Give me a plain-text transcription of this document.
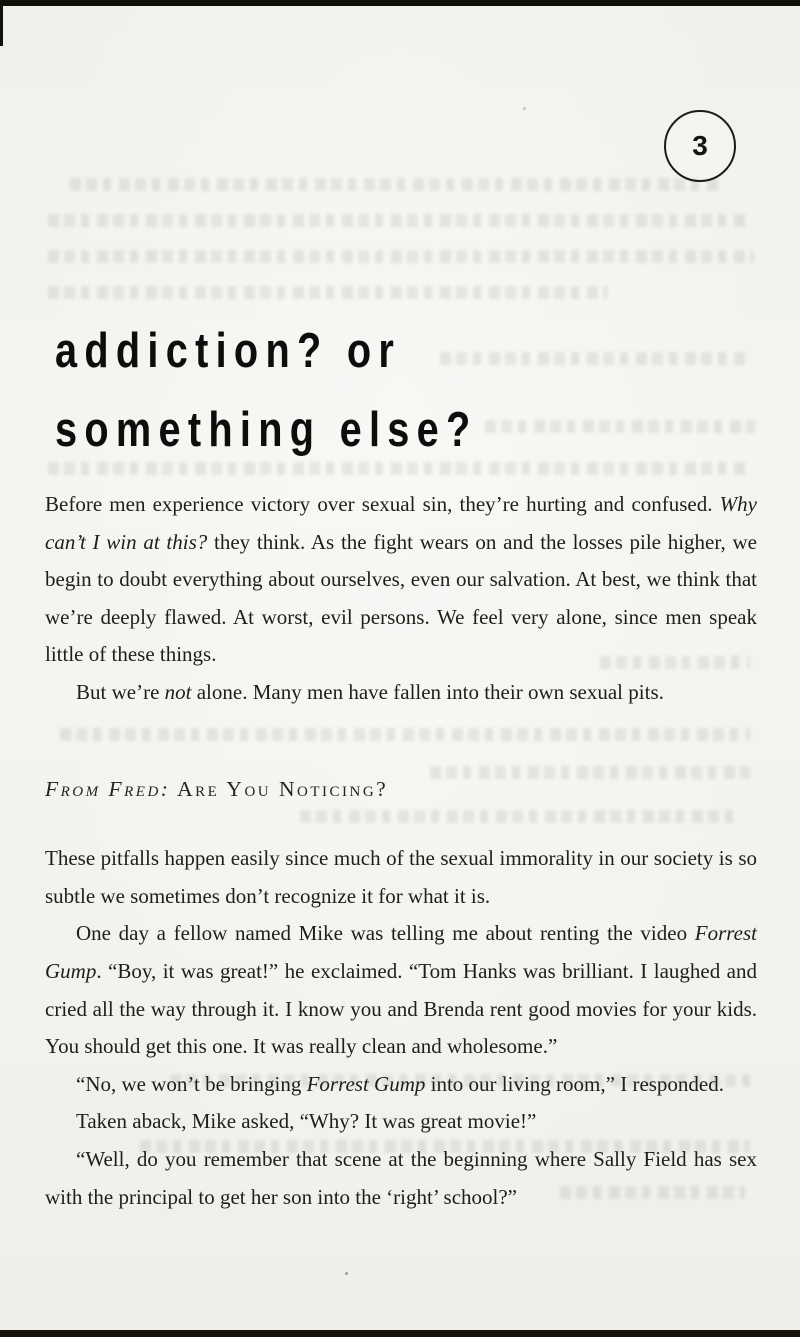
3
addiction? or
something else?

Before men experience victory over sexual sin, they’re hurting and confused. Why can’t I win at this? they think. As the fight wears on and the losses pile higher, we begin to doubt everything about ourselves, even our salvation. At best, we think that we’re deeply flawed. At worst, evil persons. We feel very alone, since men speak little of these things.

But we’re not alone. Many men have fallen into their own sexual pits.

From Fred: Are You Noticing?

These pitfalls happen easily since much of the sexual immorality in our society is so subtle we sometimes don’t recognize it for what it is.

One day a fellow named Mike was telling me about renting the video Forrest Gump. “Boy, it was great!” he exclaimed. “Tom Hanks was brilliant. I laughed and cried all the way through it. I know you and Brenda rent good movies for your kids. You should get this one. It was really clean and wholesome.”

“No, we won’t be bringing Forrest Gump into our living room,” I responded.

Taken aback, Mike asked, “Why? It was great movie!”

“Well, do you remember that scene at the beginning where Sally Field has sex with the principal to get her son into the ‘right’ school?”
